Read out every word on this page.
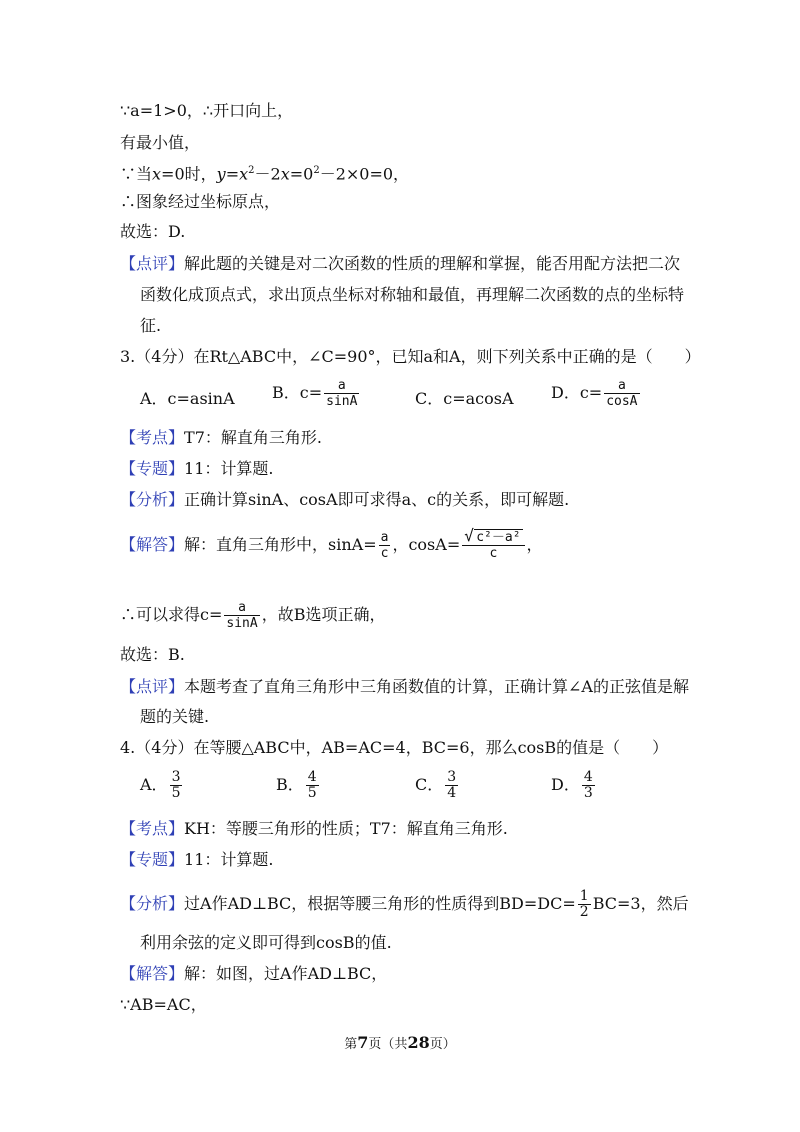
∵a=1>0，∴开口向上，
有最小值，
∵当x=0时，$y=x^2-2x=0^2-2\times 0=0$，
∴图象经过坐标原点，
故选：D.
【点评】解此题的关键是对二次函数的性质的理解和掌握，能否用配方法把二次
函数化成顶点式，求出顶点坐标对称轴和最值，再理解二次函数的点的坐标特
征.
3.（4分）在Rt△ABC中，∠C=90°，已知a和A，则下列关系中正确的是（　　）
A．c=asinA B．$c= \frac{a}{\sin A}$	C．c=acosA D．$c= \frac{a}{\cos A}$
【考点】T7：解直角三角形.
【专题】11：计算题.
【分析】正确计算sinA、cosA即可求得a、c的关系，即可解题.
【解答】解：直角三角形中，$\sin A= \frac{a}{c}$ ，$\cos A= \frac{\text{√ c²－a²}}{c}$ ，
∴可以求得$c= \frac{a}{\sin A}$ ，故B选项正确，
故选：B.
【点评】本题考查了直角三角形中三角函数值的计算，正确计算∠A的正弦值是解
题的关键.
4.（4分）在等腰△ABC中，AB=AC=4，BC=6，那么cosB的值是（　　）
A． $\frac{3}{5}$	B． $\frac{4}{5}$	C． $\frac{3}{4}$	D． $\frac{4}{3}$
【考点】KH：等腰三角形的性质；T7：解直角三角形.
【专题】11：计算题.
【分析】过A作AD⊥BC，根据等腰三角形的性质得到$BD=DC= \frac{1}{2} BC=3$，然后
利用余弦的定义即可得到cosB的值.
【解答】解：如图，过A作AD⊥BC，
∵AB=AC，
第7页（共28页）
